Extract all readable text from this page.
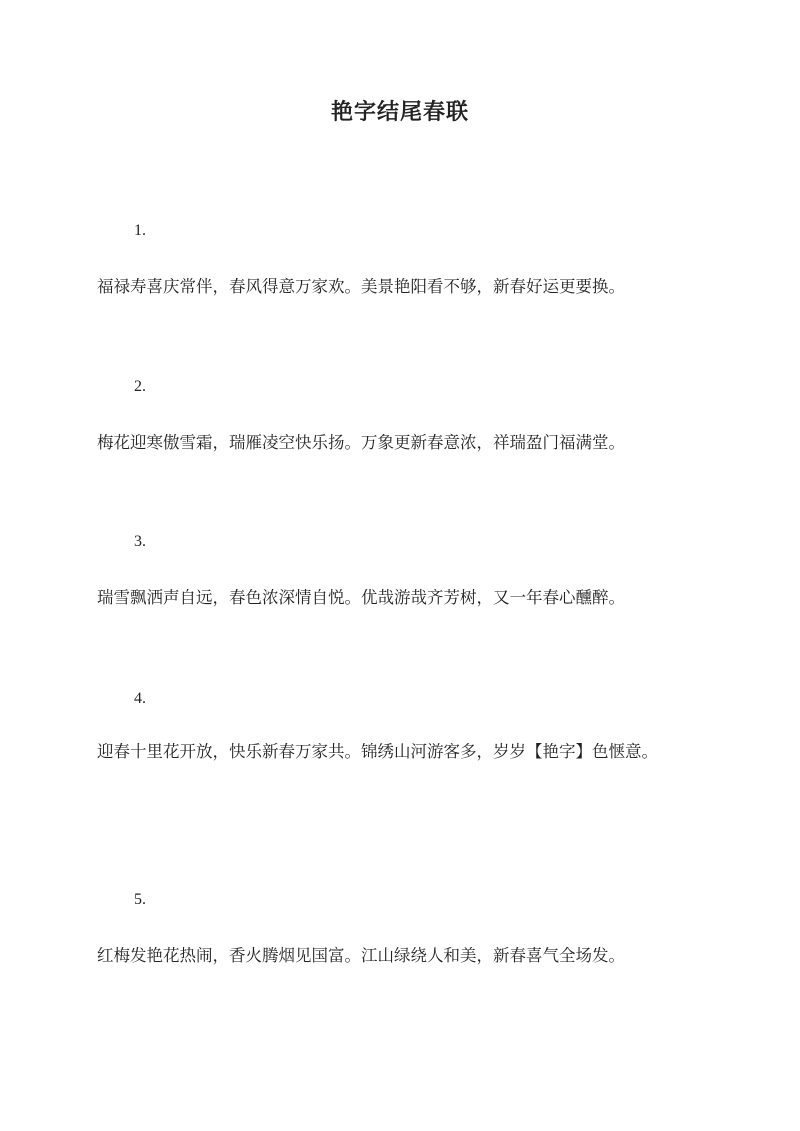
艳字结尾春联
1.
福禄寿喜庆常伴，春风得意万家欢。美景艳阳看不够，新春好运更要换。
2.
梅花迎寒傲雪霜，瑞雁凌空快乐扬。万象更新春意浓，祥瑞盈门福满堂。
3.
瑞雪飘洒声自远，春色浓深情自悦。优哉游哉齐芳树，又一年春心醺醉。
4.
迎春十里花开放，快乐新春万家共。锦绣山河游客多，岁岁【艳字】色惬意。
5.
红梅发艳花热闹，香火腾烟见国富。江山绿绕人和美，新春喜气全场发。
